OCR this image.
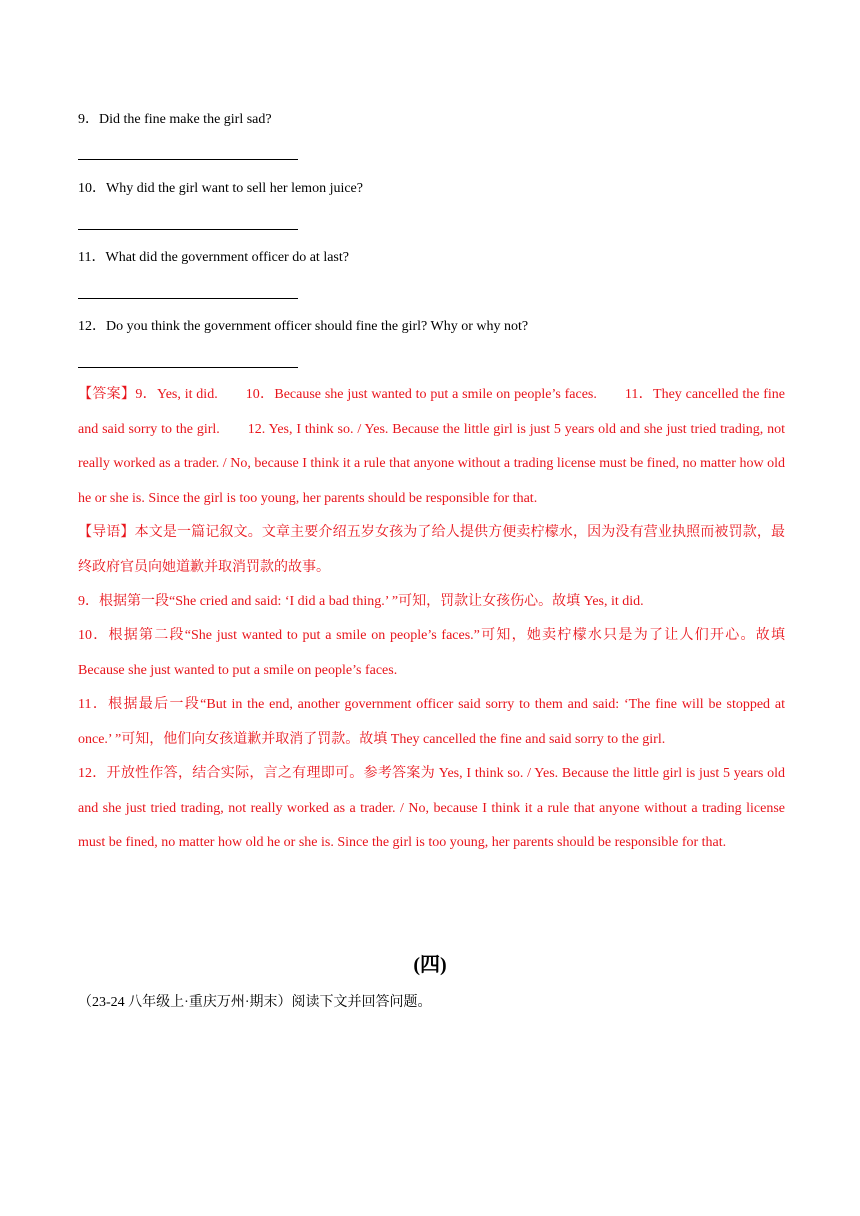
9．Did the fine make the girl sad?
10．Why did the girl want to sell her lemon juice?
11．What did the government officer do at last?
12．Do you think the government officer should fine the girl? Why or why not?
【答案】9．Yes, it did. 10．Because she just wanted to put a smile on people’s faces. 11．They cancelled the fine and said sorry to the girl. 12. Yes, I think so. / Yes. Because the little girl is just 5 years old and she just tried trading, not really worked as a trader. / No, because I think it a rule that anyone without a trading license must be fined, no matter how old he or she is. Since the girl is too young, her parents should be responsible for that.
【导语】本文是一篇记叙文。文章主要介绍五岁女孩为了给人提供方便卖柠檬水，因为没有营业执照而被罚款，最终政府官员向她道歉并取消罚款的故事。
9．根据第一段“She cried and said: ‘I did a bad thing.’ ”可知，罚款让女孩伤心。故填 Yes, it did.
10．根据第二段“She just wanted to put a smile on people’s faces.”可知，她卖柠檬水只是为了让人们开心。故填 Because she just wanted to put a smile on people’s faces.
11．根据最后一段“But in the end, another government officer said sorry to them and said: ‘The fine will be stopped at once.’ ”可知，他们向女孩道歉并取消了罚款。故填 They cancelled the fine and said sorry to the girl.
12．开放性作答，结合实际，言之有理即可。参考答案为 Yes, I think so. / Yes. Because the little girl is just 5 years old and she just tried trading, not really worked as a trader. / No, because I think it a rule that anyone without a trading license must be fined, no matter how old he or she is. Since the girl is too young, her parents should be responsible for that.
(四)
（23-24 八年级上·重庆万州·期末）阅读下文并回答问题。
